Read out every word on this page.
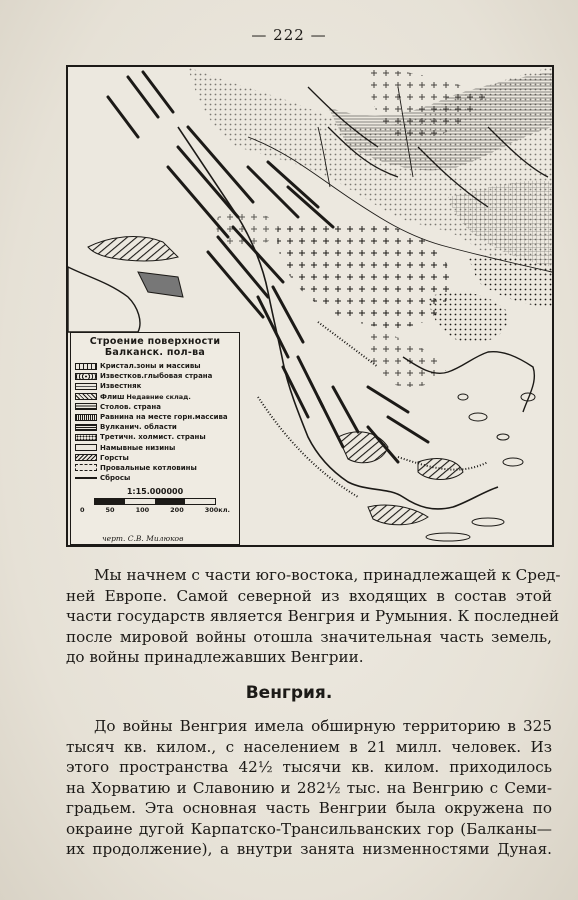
— 222 —
Строение поверхности
Балканск. пол-ва
Кристал.зоны и массивы
Известков.глыбовая страна
Известняк
Флиш Недавние склад.
Столов. страна
Равнина на месте горн.массива
Вулканич. области
Третичн. холмист. страны
Намывные низины
Горсты
Провальные котловины
Сбросы
1:15.000000
0	50	100	200	300кл.
черт. С.В. Милюков
Мы начнем с части юго-востока, принадлежащей к Сред-
ней Европе. Самой северной из входящих в состав этой
части государств является Венгрия и Румыния. К последней
после мировой войны отошла значительная часть земель,
до войны принадлежавших Венгрии.
Венгрия.
До войны Венгрия имела обширную территорию в 325
тысяч кв. килом., с населением в 21 милл. человек. Из
этого пространства 42½ тысячи кв. килом. приходилось
на Хорватию и Славонию и 282½ тыс. на Венгрию с Семи-
градьем. Эта основная часть Венгрии была окружена по
окраине дугой Карпатско-Трансильванских гор (Балканы—
их продолжение), а внутри занята низменностями Дуная.
